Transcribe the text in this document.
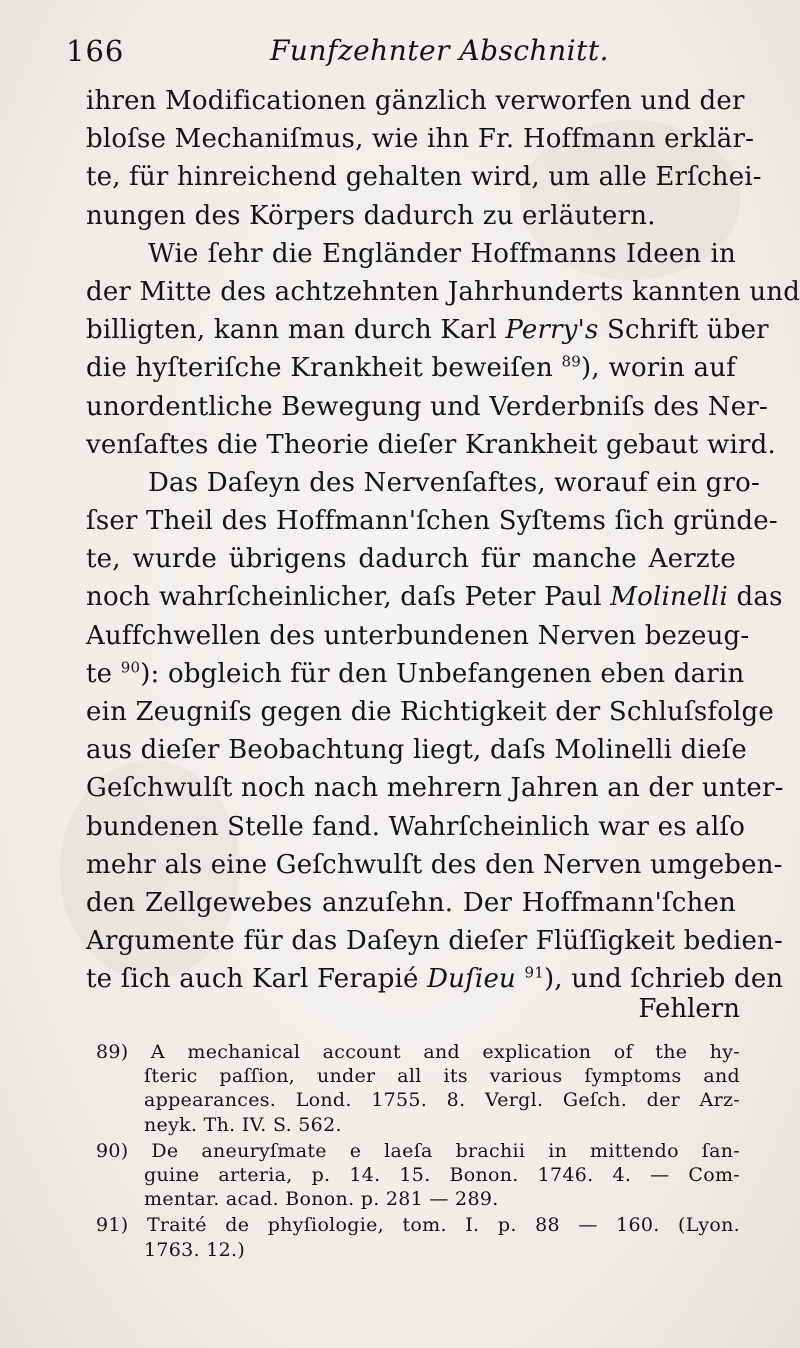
166	Funfzehnter Abschnitt.
ihren Modificationen gänzlich verworfen und der
bloſse Mechaniſmus, wie ihn Fr. Hoffmann erklär-
te, für hinreichend gehalten wird, um alle Erſchei-
nungen des Körpers dadurch zu erläutern.
Wie ſehr die Engländer Hoffmanns Ideen in
der Mitte des achtzehnten Jahrhunderts kannten und
billigten, kann man durch Karl Perry's Schrift über
die hyſteriſche Krankheit beweiſen $^{89}$), worin auf
unordentliche Bewegung und Verderbniſs des Ner-
venſaftes die Theorie dieſer Krankheit gebaut wird.
Das Daſeyn des Nervenſaftes, worauf ein gro-
ſser Theil des Hoffmann'ſchen Syſtems ſich gründe-
te, wurde übrigens dadurch für manche Aerzte
noch wahrſcheinlicher, daſs Peter Paul Molinelli das
Auffchwellen des unterbundenen Nerven bezeug-
te $^{90}$): obgleich für den Unbefangenen eben darin
ein Zeugniſs gegen die Richtigkeit der Schluſsfolge
aus dieſer Beobachtung liegt, daſs Molinelli dieſe
Geſchwulſt noch nach mehrern Jahren an der unter-
bundenen Stelle fand. Wahrſcheinlich war es alſo
mehr als eine Geſchwulſt des den Nerven umgeben-
den Zellgewebes anzuſehn. Der Hoffmann'ſchen
Argumente für das Daſeyn dieſer Flüſſigkeit bedien-
te ſich auch Karl Ferapié Duſieu $^{91}$), und ſchrieb den
Fehlern
89) A mechanical account and explication of the hy-
ſteric paſſion, under all its various ſymptoms and
appearances. Lond. 1755. 8. Vergl. Geſch. der Arz-
neyk. Th. IV. S. 562.
90) De aneuryſmate e laeſa brachii in mittendo ſan-
guine arteria, p. 14. 15. Bonon. 1746. 4. — Com-
mentar. acad. Bonon. p. 281 — 289.
91) Traité de phyſiologie, tom. I. p. 88 — 160. (Lyon.
1763. 12.)
